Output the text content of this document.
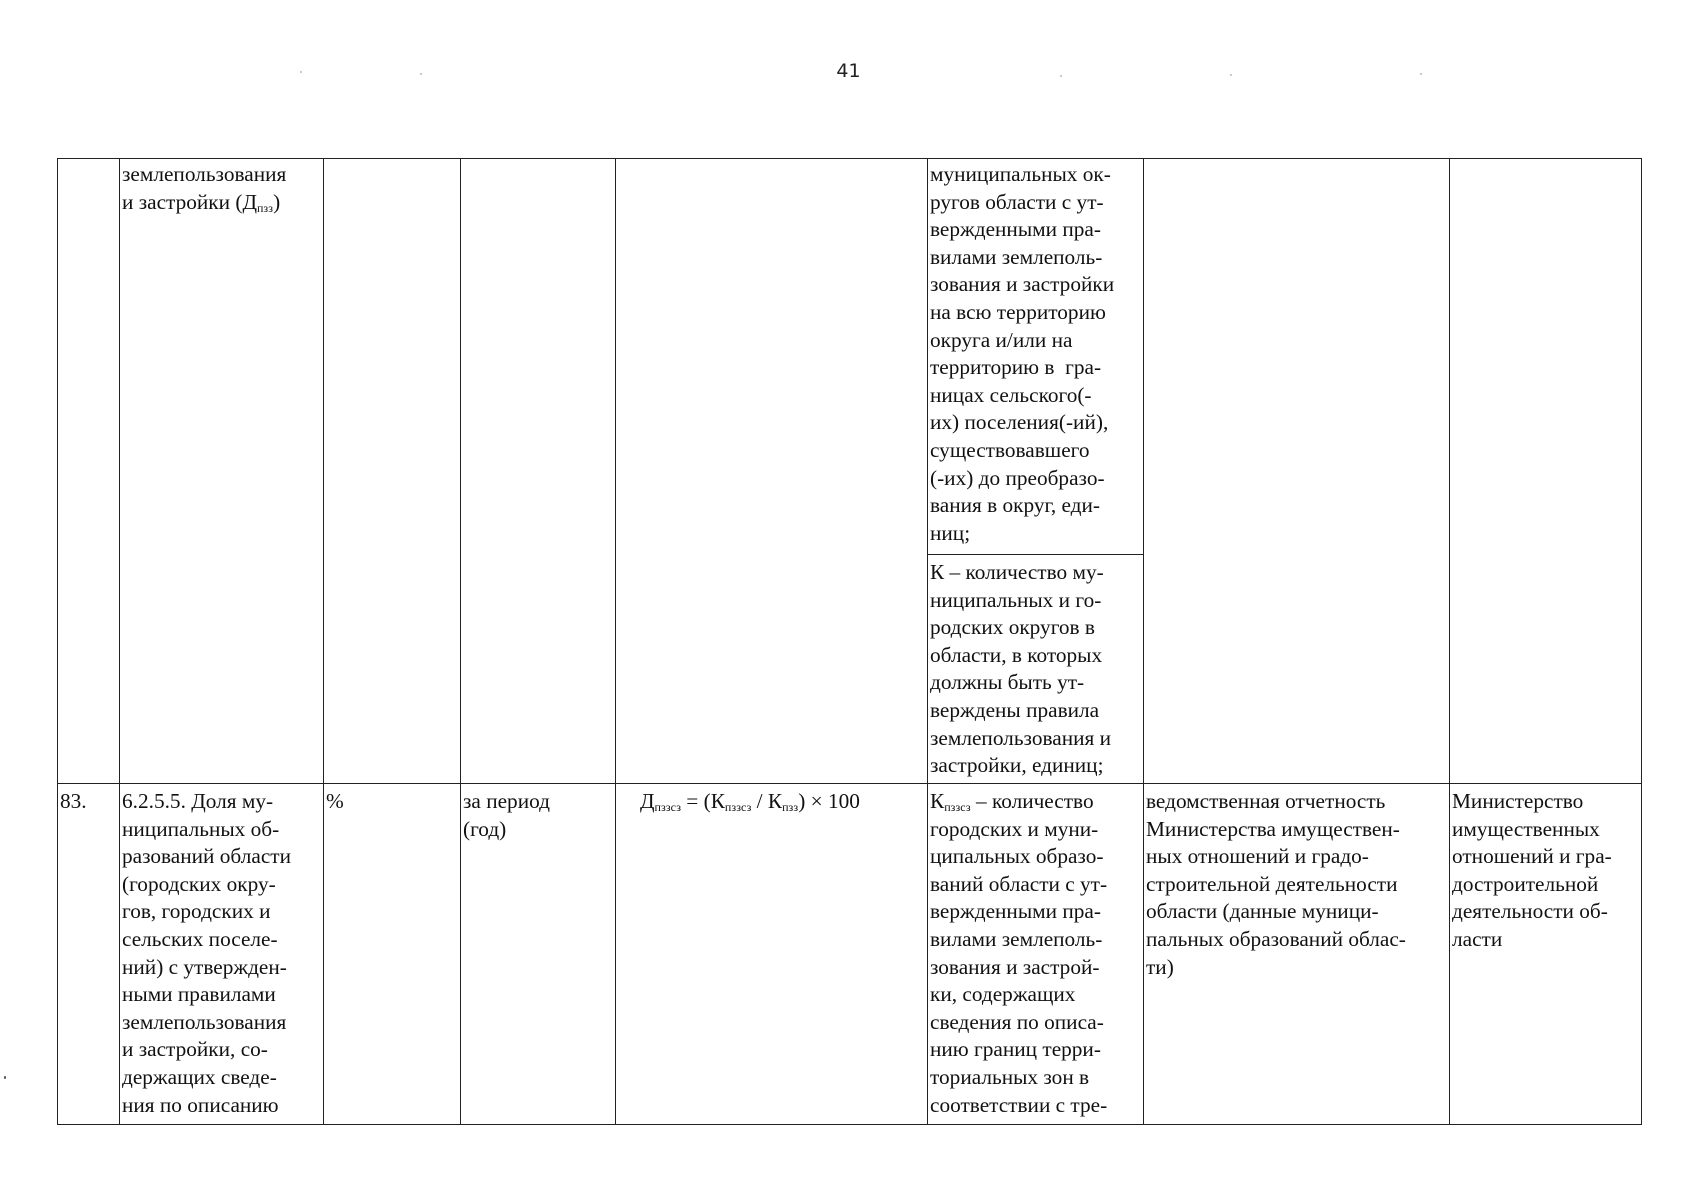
41
землепользования
и застройки $(Д_{пзз})$
муниципальных ок-
ругов области с ут-
вержденными пра-
вилами землеполь-
зования и застройки
на всю территорию
округа и/или на
территорию в  гра-
ницах сельского(-
их) поселения(-ий),
существовавшего
(-их) до преобразо-
вания в округ, еди-
ниц;
К – количество му-
ниципальных и го-
родских округов в
области, в которых
должны быть ут-
верждены правила
землепользования и
застройки, единиц;
83. 6.2.5.5. Доля му-
ниципальных об-
разований области
(городских окру-
гов, городских и
сельских поселе-
ний) с утвержден-
ными правилами
землепользования
и застройки, со-
держащих сведе-
ния по описанию
%	за период
(год)
$Д_{пззсз} = (К_{пззсз} / К_{пзз}) \times 100$	$К_{пззсз}$ – количество
городских и муни-
ципальных образо-
ваний области с ут-
вержденными пра-
вилами землеполь-
зования и застрой-
ки, содержащих
сведения по описа-
нию границ терри-
ториальных зон в
соответствии с тре-
ведомственная отчетность
Министерства имуществен-
ных отношений и градо-
строительной деятельности
области (данные муници-
пальных образований облас-
ти)
Министерство
имущественных
отношений и гра-
достроительной
деятельности об-
ласти
